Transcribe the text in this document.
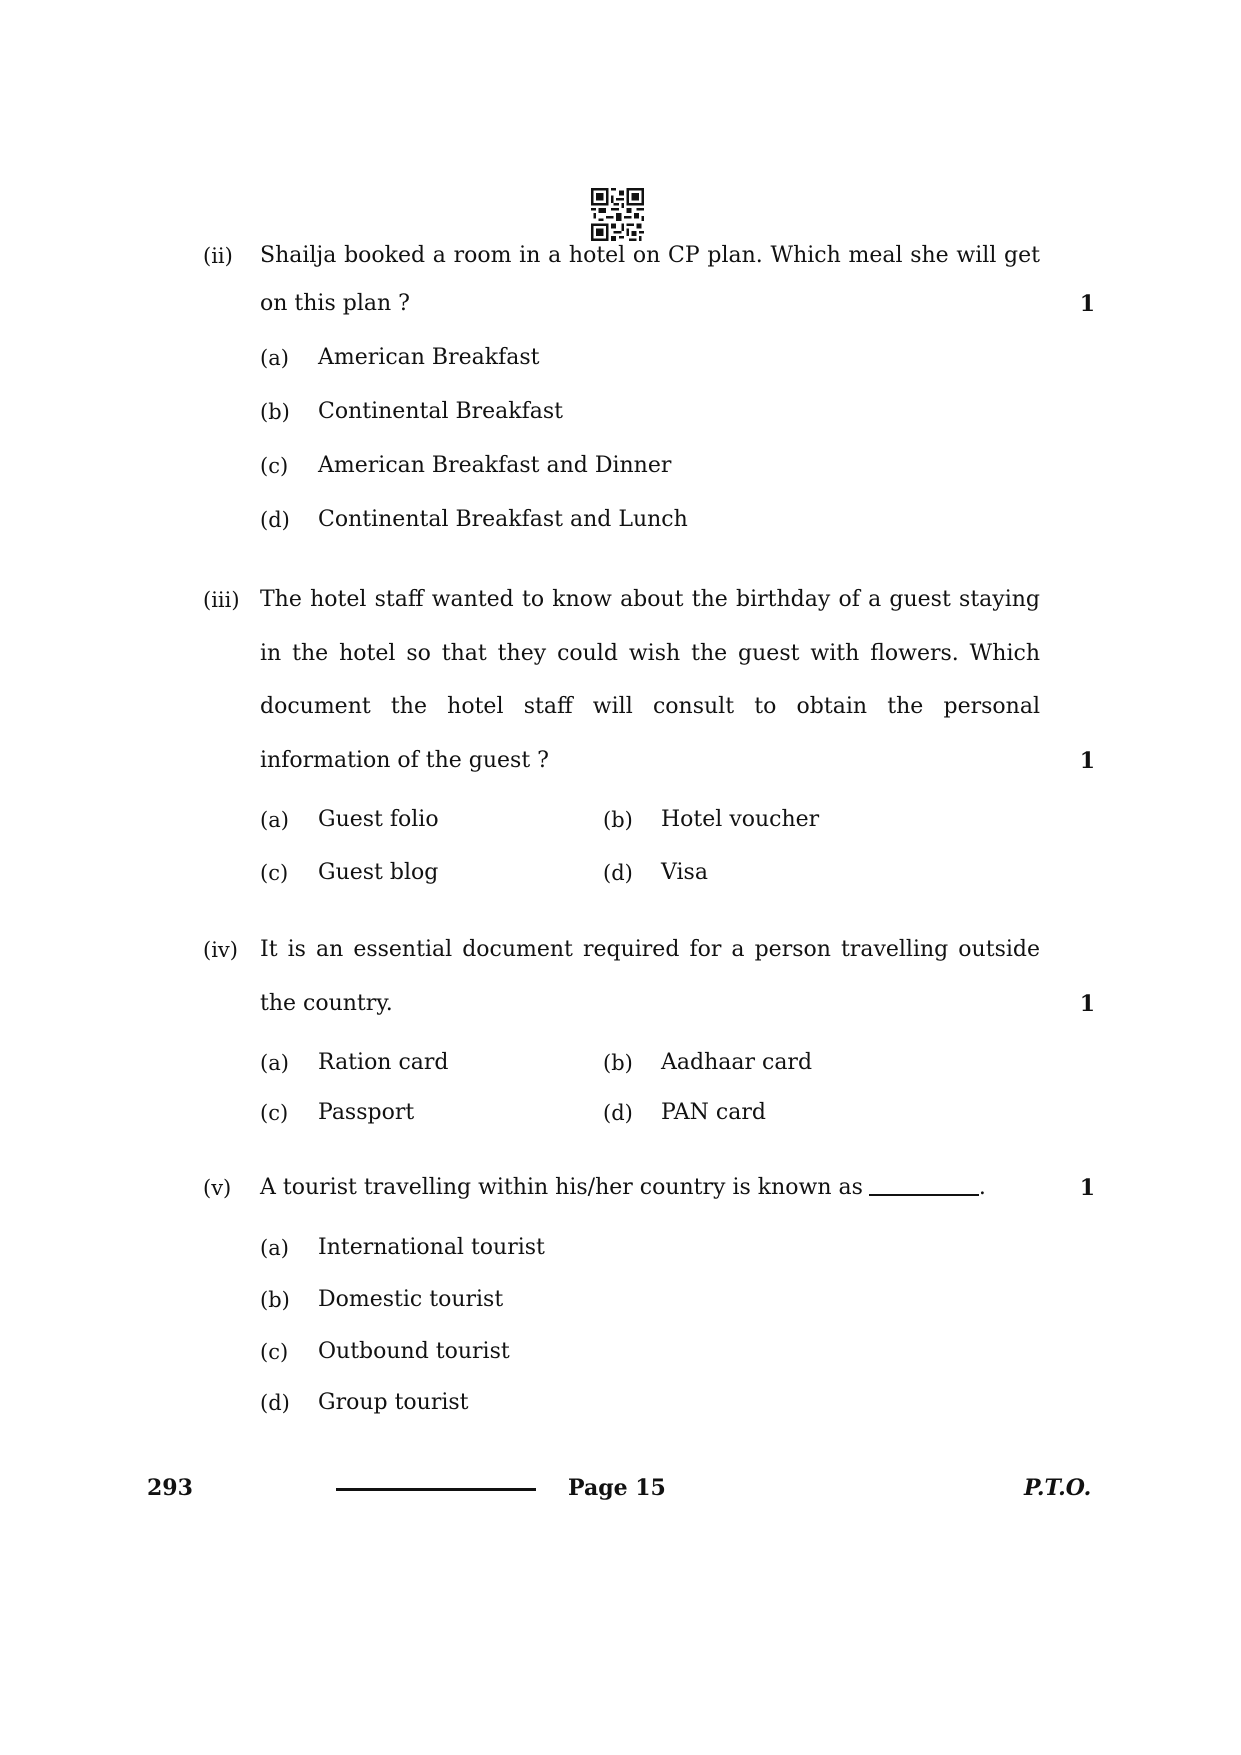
(ii) Shailja booked a room in a hotel on CP plan. Which meal she will get
on this plan ?	1
(a) American Breakfast
(b) Continental Breakfast
(c) American Breakfast and Dinner
(d) Continental Breakfast and Lunch
(iii) The hotel staff wanted to know about the birthday of a guest staying
in the hotel so that they could wish the guest with flowers. Which
document the hotel staff will consult to obtain the personal
information of the guest ?	1
(a) Guest folio	(b) Hotel voucher
(c) Guest blog	(d) Visa
(iv) It is an essential document required for a person travelling outside
the country.	1
(a) Ration card	(b) Aadhaar card
(c) Passport	(d) PAN card
(v) A tourist travelling within his/her country is known as	.	1
(a) International tourist
(b) Domestic tourist
(c) Outbound tourist
(d) Group tourist
293	Page 15	P.T.O.
